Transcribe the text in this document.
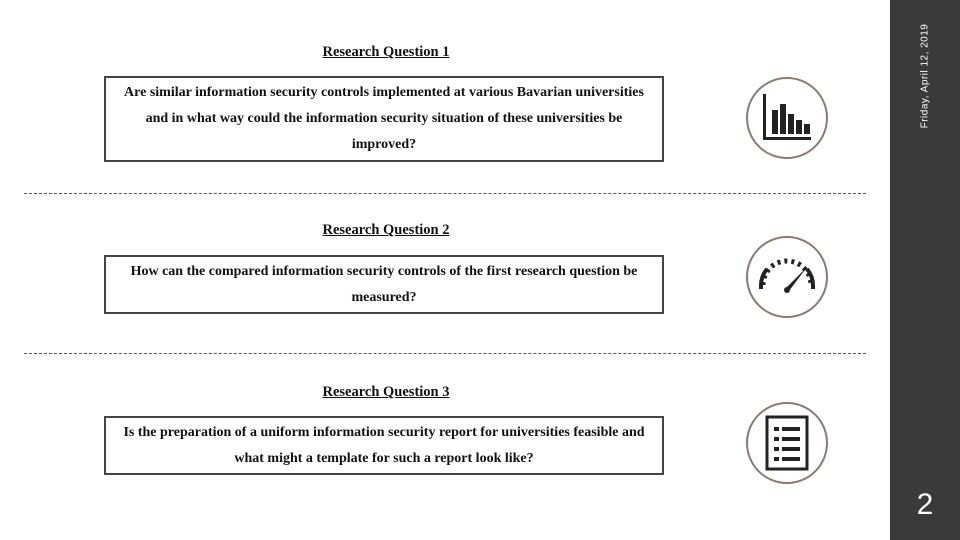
Research Question 1
Are similar information security controls implemented at various Bavarian universities and in what way could the information security situation of these universities be improved?
Research Question 2
How can the compared information security controls of the first research question be measured?
Research Question 3
Is the preparation of a uniform information security report for universities feasible and what might a template for such a report look like?
Friday, April 12, 2019
2
